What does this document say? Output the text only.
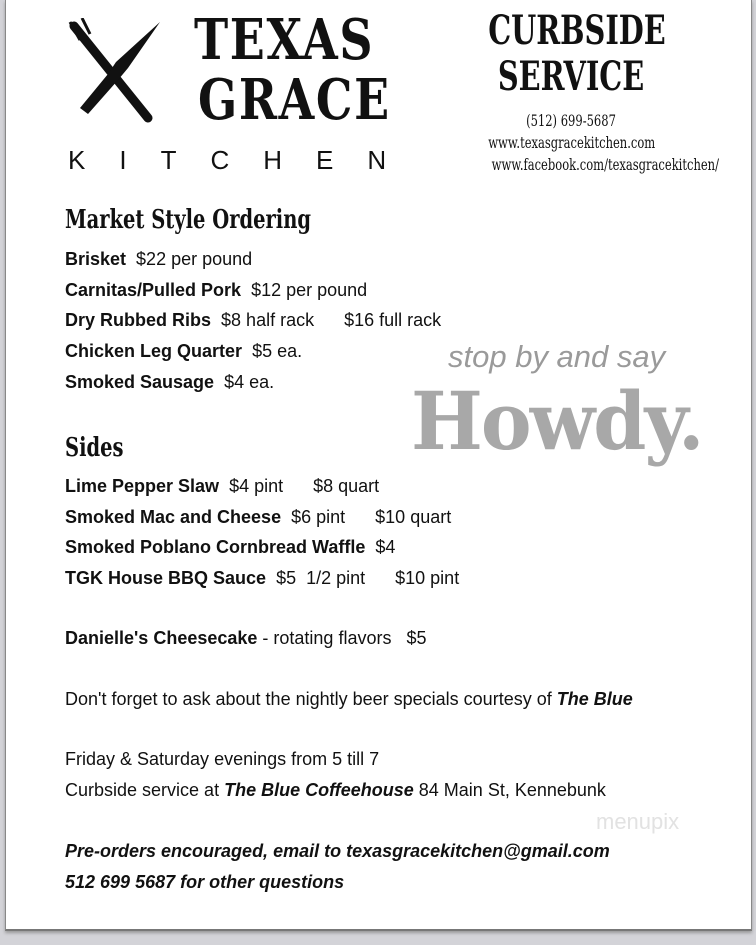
TEXAS
GRACE
KITCHEN
CURBSIDE
SERVICE
(512) 699-5687
www.texasgracekitchen.com
www.facebook.com/texasgracekitchen/
Market Style Ordering
Brisket $22 per pound
Carnitas/Pulled Pork $12 per pound
Dry Rubbed Ribs $8 half rack $16 full rack
Chicken Leg Quarter $5 ea.
Smoked Sausage $4 ea.
stop by and say
Howdy.
Sides
Lime Pepper Slaw $4 pint $8 quart
Smoked Mac and Cheese $6 pint $10 quart
Smoked Poblano Cornbread Waffle $4
TGK House BBQ Sauce $5  1/2 pint $10 pint
Danielle's Cheesecake - rotating flavors $5
Don't forget to ask about the nightly beer specials courtesy of The Blue
Friday & Saturday evenings from 5 till 7
Curbside service at The Blue Coffeehouse 84 Main St, Kennebunk
menupix
Pre-orders encouraged, email to texasgracekitchen@gmail.com
512 699 5687 for other questions
